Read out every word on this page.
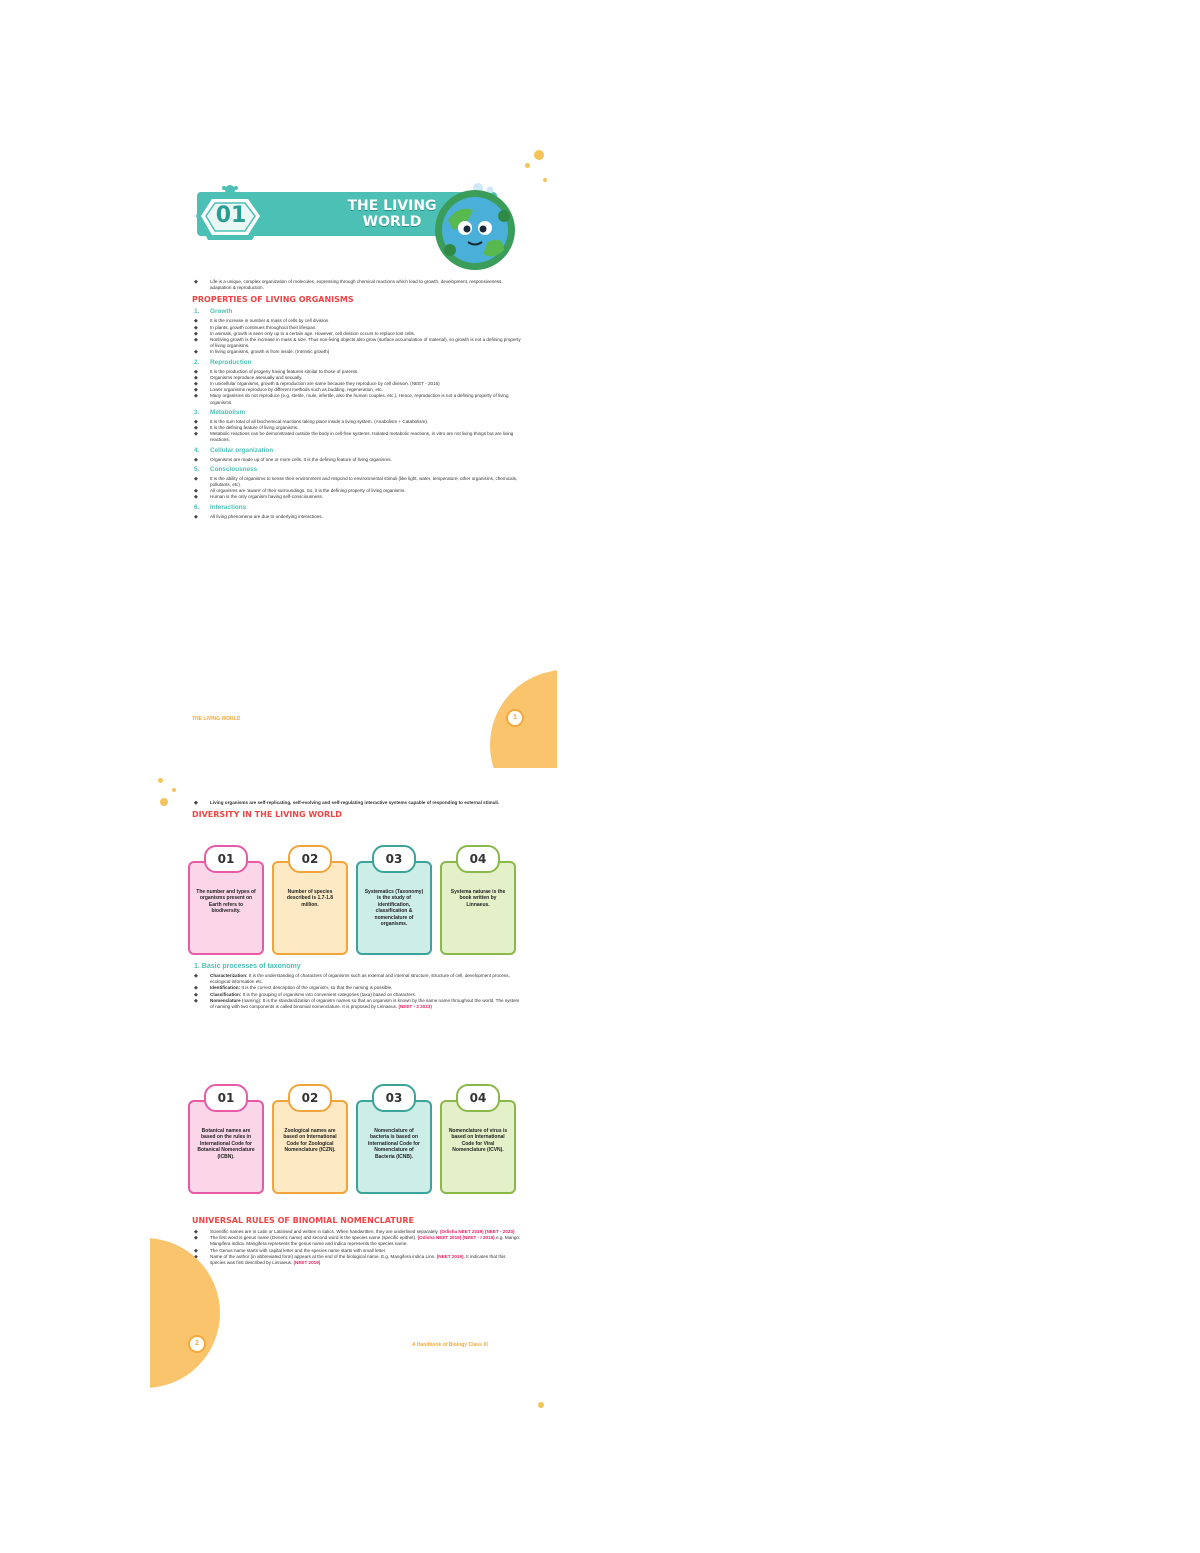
THE LIVING
WORLD
01

◆ Life is a unique, complex organization of molecules, expressing through chemical reactions which lead to growth, development, responsiveness, adaptation & reproduction.

PROPERTIES OF LIVING ORGANISMS
1. Growth

◆ It is the increase in number & mass of cells by cell division.

◆ In plants, growth continues throughout their lifespan.

◆ In animals, growth is seen only up to a certain age. However, cell division occurs to replace lost cells.

◆ Nonliving growth is the increase in mass & size. Thus non-living objects also grow (surface accumulation of material), so growth is not a defining property of living organisms.

◆ In living organisms, growth is from inside. (Intrinsic growth)

2. Reproduction

◆ It is the production of progeny having features similar to those of parents.

◆ Organisms reproduce asexually and sexually.

◆ In unicellular organisms, growth & reproduction are same because they reproduce by cell division. (NEET - 2016)

◆ Lower organisms reproduce by different methods such as budding, regeneration, etc.

◆ Many organisms do not reproduce (e.g. sterile, mule, infertile, also the human couples, etc.). Hence, reproduction is not a defining property of living organisms.

3. Metabolism

◆ It is the sum total of all biochemical reactions taking place inside a living system. (Anabolism + Catabolism).

◆ It is the defining feature of living organisms.

◆ Metabolic reactions can be demonstrated outside the body in cell-free systems. Isolated metabolic reactions, in vitro are not living things but are living reactions.

4. Cellular organization

◆ Organisms are made up of one or more cells. It is the defining feature of living organisms.

5. Consciousness

◆ It is the ability of organisms to sense their environment and respond to environmental stimuli (like light, water, temperature, other organisms, chemicals, pollutants, etc).

◆ All organisms are 'aware' of their surroundings. So, it is the defining property of living organisms.

◆ Human is the only organism having self-consciousness.

6. Interactions

◆ All living phenomena are due to underlying interactions.

THE LIVING WORLD	1

◆ Living organisms are self-replicating, self-evolving and self-regulating interactive systems capable of responding to external stimuli.

DIVERSITY IN THE LIVING WORLD
01
The number and types of organisms present on Earth refers to biodiversity.
02
Number of species described is 1.7-1.8 million.
03
Systematics (Taxonomy) is the study of identification, classification & nomenclature of organisms.
04
Systema naturae is the book written by Linnaeus.
1. Basic processes of taxonomy

◆ Characterization: It is the understanding of characters of organisms such as external and internal structure, structure of cell, development process, ecological information etc.

◆ Identification: It is the correct description of the organism, so that the naming is possible.

◆ Classification: It is the grouping of organisms into convenient categories (taxa) based on characters.

◆ Nomenclature (naming): It is the standardization of organism names so that an organism is known by the same name throughout the world. The system of naming with two components is called binomial nomenclature. It is proposed by Linnaeus. (NEET - 2 2023)

01
Botanical names are based on the rules in International Code for Botanical Nomenclature (ICBN).
02
Zoological names are based on International Code for Zoological Nomenclature (ICZN).
03
Nomenclature of bacteria is based on International Code for Nomenclature of Bacteria (ICNB).
04
Nomenclature of virus is based on International Code for Viral Nomenclature (ICVN).
UNIVERSAL RULES OF BINOMIAL NOMENCLATURE

◆ Scientific names are in Latin or Latinised and written in italics. When handwritten, they are underlined separately. (Odisha NEET 2019) (NEET - 2020)

◆ The first word is genus name (Generic name) and second word is the species name (specific epithet). (Odisha NEET 2019) (NEET - I 2016) e.g. Mango: Mangifera indica. Mangifera represents the genus name and indica represents the species name.

◆ The Genus name starts with capital letter and the species name starts with small letter.

◆ Name of the author (in abbreviated form) appears at the end of the biological name. E.g. Mangifera indica Linn. (NEET 2019). It indicates that this species was first described by Linnaeus. (NEET 2019)

2	A Handbook of Biology Class XI
